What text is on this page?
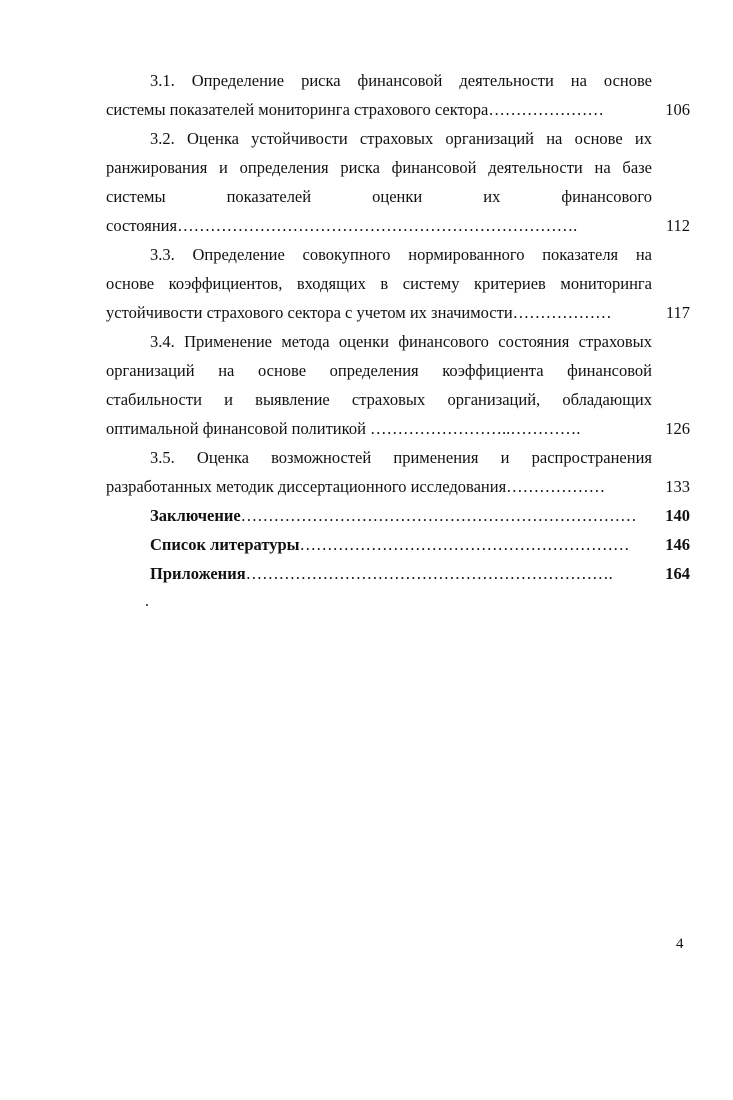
3.1. Определение риска финансовой деятельности на основе
системы показателей мониторинга страхового сектора…………………	106
3.2. Оценка устойчивости страховых организаций на основе их
ранжирования и определения риска финансовой деятельности на базе
системы показателей оценки их финансового
состояния……………………………………………………………….	112
3.3. Определение совокупного нормированного показателя на
основе коэффициентов, входящих в систему критериев мониторинга
устойчивости страхового сектора с учетом их значимости………………	117
3.4. Применение метода оценки финансового состояния страховых
организаций на основе определения коэффициента финансовой
стабильности и выявление страховых организаций, обладающих
оптимальной финансовой политикой ……………………..………….	126
3.5. Оценка возможностей применения и распространения
разработанных методик диссертационного исследования………………	133
Заключение………………………………………………………………	140
Список литературы……………………………………………………	146
Приложения………………………………………………………….	164
4
